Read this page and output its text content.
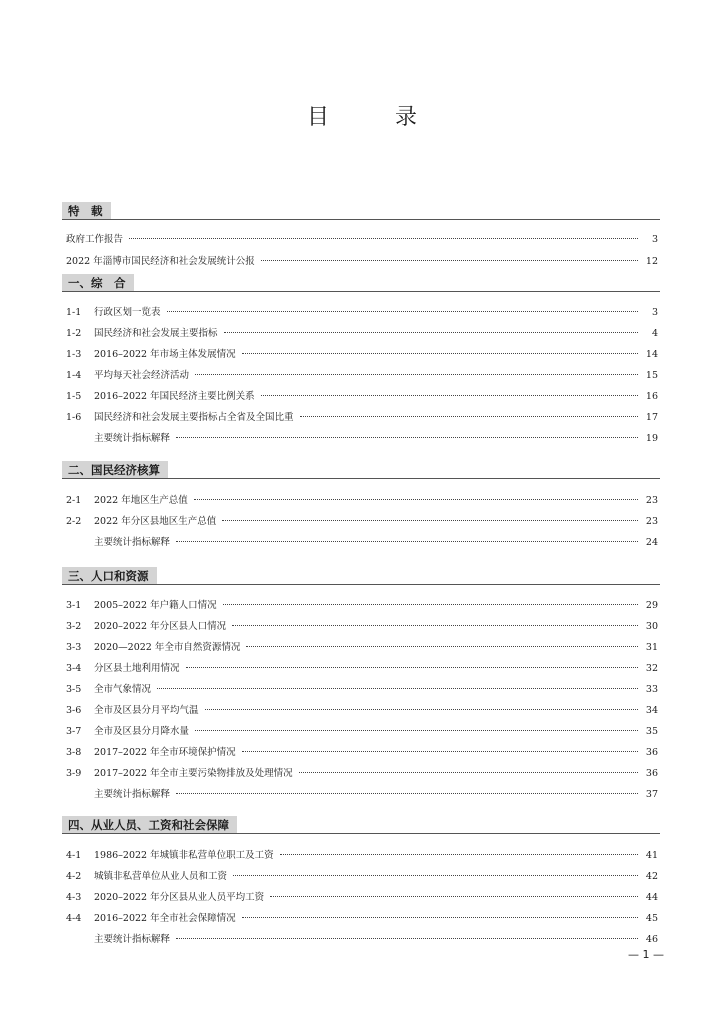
目　录
特　载
政府工作报告	3
2022 年淄博市国民经济和社会发展统计公报	12
一、综　合
1-1	行政区划一览表	3
1-2	国民经济和社会发展主要指标	4
1-3	2016–2022 年市场主体发展情况	14
1-4	平均每天社会经济活动	15
1-5	2016–2022 年国民经济主要比例关系	16
1-6	国民经济和社会发展主要指标占全省及全国比重	17
主要统计指标解释	19
二、国民经济核算
2-1	2022 年地区生产总值	23
2-2	2022 年分区县地区生产总值	23
主要统计指标解释	24
三、人口和资源
3-1	2005–2022 年户籍人口情况	29
3-2	2020–2022 年分区县人口情况	30
3-3	2020—2022 年全市自然资源情况	31
3-4	分区县土地利用情况	32
3-5	全市气象情况	33
3-6	全市及区县分月平均气温	34
3-7	全市及区县分月降水量	35
3-8	2017–2022 年全市环境保护情况	36
3-9	2017–2022 年全市主要污染物排放及处理情况	36
主要统计指标解释	37
四、从业人员、工资和社会保障
4-1	1986–2022 年城镇非私营单位职工及工资	41
4-2	城镇非私营单位从业人员和工资	42
4-3	2020–2022 年分区县从业人员平均工资	44
4-4	2016–2022 年全市社会保障情况	45
主要统计指标解释	46
— 1 —
